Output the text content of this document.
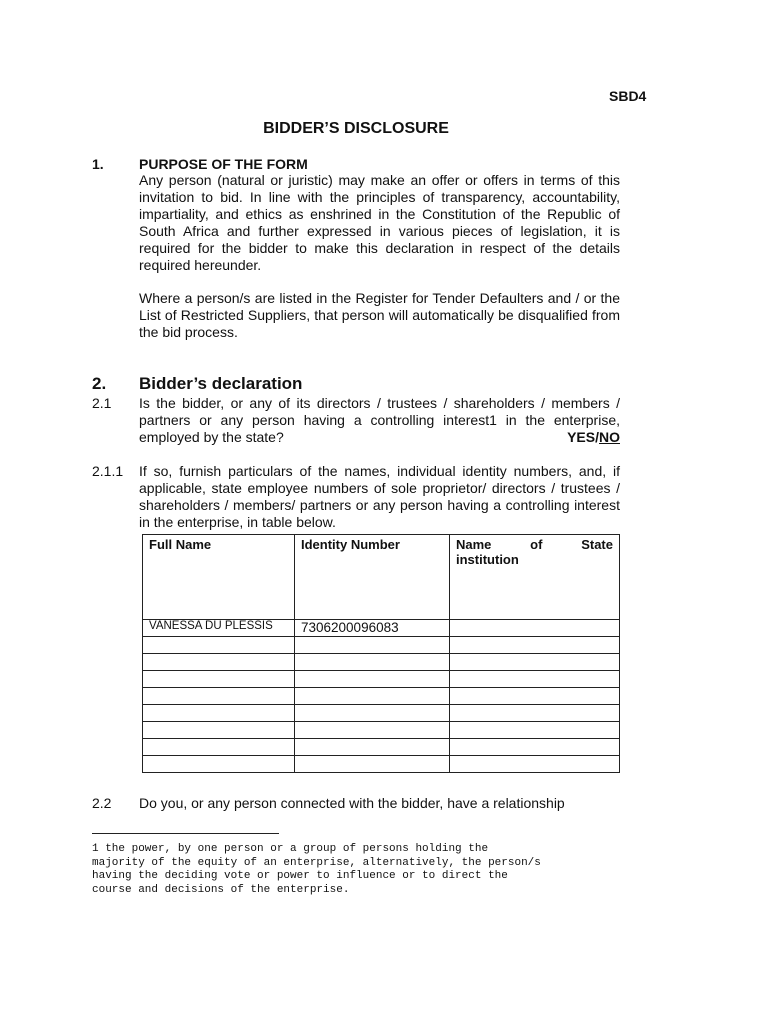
SBD4
BIDDER’S DISCLOSURE
1.	PURPOSE OF THE FORM

Any person (natural or juristic) may make an offer or offers in terms of this invitation to bid. In line with the principles of transparency, accountability, impartiality, and ethics as enshrined in the Constitution of the Republic of South Africa and further expressed in various pieces of legislation, it is required for the bidder to make this declaration in respect of the details required hereunder.

Where a person/s are listed in the Register for Tender Defaulters and / or the List of Restricted Suppliers, that person will automatically be disqualified from the bid process.

2. Bidder’s declaration
2.1 Is the bidder, or any of its directors / trustees / shareholders / members / partners or any person having a controlling interest1 in the enterprise, employed by the state?	YES/NO
2.1.1 If so, furnish particulars of the names, individual identity numbers, and, if applicable, state employee numbers of sole proprietor/ directors / trustees / shareholders / members/ partners or any person having a controlling interest in the enterprise, in table below.

Full Name	Identity Number	Name of State
institution

VANESSA DU PLESSIS	7306200096083	

2.2 Do you, or any person connected with the bidder, have a relationship

1 the power, by one person or a group of persons holding the
majority of the equity of an enterprise, alternatively, the person/s
having the deciding vote or power to influence or to direct the
course and decisions of the enterprise.
